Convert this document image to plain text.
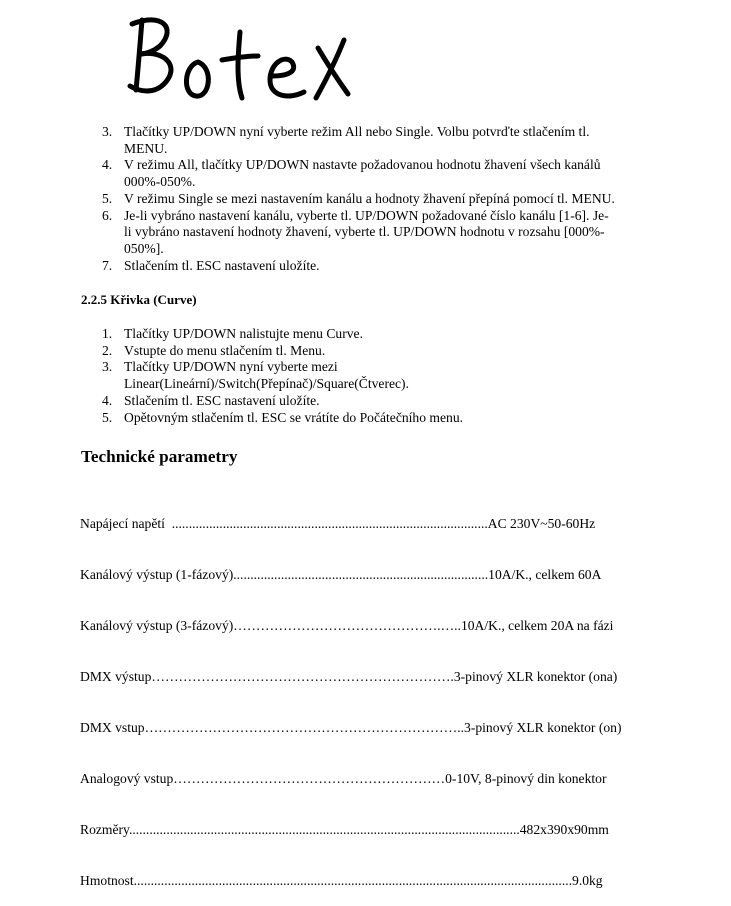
3. Tlačítky UP/DOWN nyní vyberte režim All nebo Single. Volbu potvrďte stlačením tl.
MENU.
4. V režimu All, tlačítky UP/DOWN nastavte požadovanou hodnotu žhavení všech kanálů
000%-050%.
5. V režimu Single se mezi nastavením kanálu a hodnoty žhavení přepíná pomocí tl. MENU.
6. Je-li vybráno nastavení kanálu, vyberte tl. UP/DOWN požadované číslo kanálu [1-6]. Je-
li vybráno nastavení hodnoty žhavení, vyberte tl. UP/DOWN hodnotu v rozsahu [000%-
050%].
7. Stlačením tl. ESC nastavení uložíte.
2.2.5 Křivka (Curve)
1. Tlačítky UP/DOWN nalistujte menu Curve.
2. Vstupte do menu stlačením tl. Menu.
3. Tlačítky UP/DOWN nyní vyberte mezi
Linear(Lineární)/Switch(Přepínač)/Square(Čtverec).
4. Stlačením tl. ESC nastavení uložíte.
5. Opětovným stlačením tl. ESC se vrátíte do Počátečního menu.
Technické parametry

Napájecí napětí  .............................................................................................AC 230V~50-60Hz

Kanálový výstup (1-fázový)...........................................................................10A/K., celkem 60A

Kanálový výstup (3-fázový)……………………………………….…..10A/K., celkem 20A na fázi

DMX výstup………………………………………………………….3-pinový XLR konektor (ona)

DMX vstup……………………………………………………………..3-pinový XLR konektor (on)

Analogový vstup……………………………………………………0-10V, 8-pinový din konektor

Rozměry...................................................................................................................482x390x90mm

Hmotnost.................................................................................................................................9.0kg
